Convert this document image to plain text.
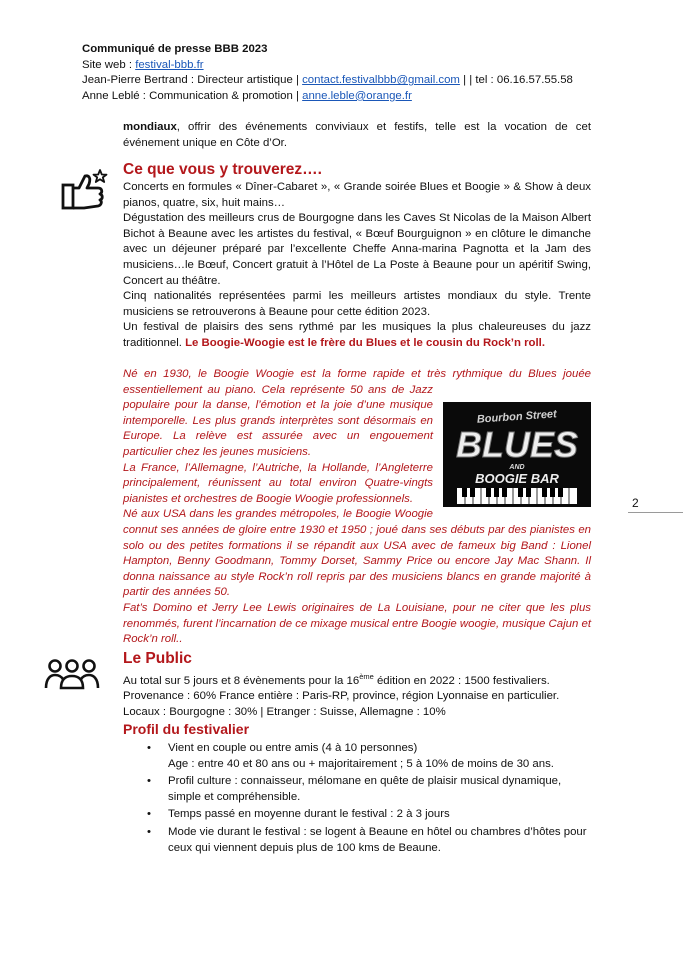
Communiqué de presse BBB 2023
Site web : festival-bbb.fr
Jean-Pierre Bertrand : Directeur artistique | contact.festivalbbb@gmail.com | | tel : 06.16.57.55.58
Anne Leblé : Communication & promotion | anne.leble@orange.fr

mondiaux, offrir des événements conviviaux et festifs, telle est la vocation de cet événement unique en Côte d’Or.

Ce que vous y trouverez….

Concerts en formules « Dîner-Cabaret », « Grande soirée Blues et Boogie » & Show à deux pianos, quatre, six, huit mains…

Dégustation des meilleurs crus de Bourgogne dans les Caves St Nicolas de la Maison Albert Bichot à Beaune avec les artistes du festival, « Bœuf Bourguignon » en clôture le dimanche avec un déjeuner préparé par l’excellente Cheffe Anna-marina Pagnotta et la Jam des musiciens…le Bœuf, Concert gratuit à l’Hôtel de La Poste à Beaune pour un apéritif Swing, Concert au théâtre.

Cinq nationalités représentées parmi les meilleurs artistes mondiaux du style. Trente musiciens se retrouverons à Beaune pour cette édition 2023.

Un festival de plaisirs des sens rythmé par les musiques la plus chaleureuses du jazz traditionnel. Le Boogie-Woogie est le frère du Blues et le cousin du Rock’n roll.

Bourbon Street
BLUES
AND
BOOGIE BAR

Né en 1930, le Boogie Woogie est la forme rapide et très rythmique du Blues jouée essentiellement au piano. Cela représente 50 ans de Jazz populaire pour la danse, l’émotion et la joie d’une musique intemporelle. Les plus grands interprètes sont désormais en Europe. La relève est assurée avec un engouement particulier chez les jeunes musiciens.

La France, l’Allemagne, l’Autriche, la Hollande, l’Angleterre principalement, réunissent au total environ Quatre-vingts pianistes et orchestres de Boogie Woogie professionnels.

Né aux USA dans les grandes métropoles, le Boogie Woogie connut ses années de gloire entre 1930 et 1950 ; joué dans ses débuts par des pianistes en solo ou des petites formations il se répandit aux USA avec de fameux big Band : Lionel Hampton, Benny Goodmann, Tommy Dorset, Sammy Price ou encore Jay Mac Shann. Il donna naissance au style Rock’n roll repris par des musiciens blancs en grande majorité à partir des années 50.

Fat’s Domino et Jerry Lee Lewis originaires de La Louisiane, pour ne citer que les plus renommés, furent l’incarnation de ce mixage musical entre Boogie woogie, musique Cajun et Rock’n roll..

2
Le Public

Au total sur 5 jours et 8 évènements pour la 16ème édition en 2022 : 1500 festivaliers.

Provenance : 60% France entière : Paris-RP, province, région Lyonnaise en particulier.

Locaux : Bourgogne : 30% | Etranger : Suisse, Allemagne : 10%

Profil du festivalier
• Vient en couple ou entre amis (4 à 10 personnes)
Age : entre 40 et 80 ans ou + majoritairement ; 5 à 10% de moins de 30 ans.
• Profil culture : connaisseur, mélomane en quête de plaisir musical dynamique, simple et compréhensible.
• Temps passé en moyenne durant le festival : 2 à 3 jours
• Mode vie durant le festival : se logent à Beaune en hôtel ou chambres d’hôtes pour ceux qui viennent depuis plus de 100 kms de Beaune.
